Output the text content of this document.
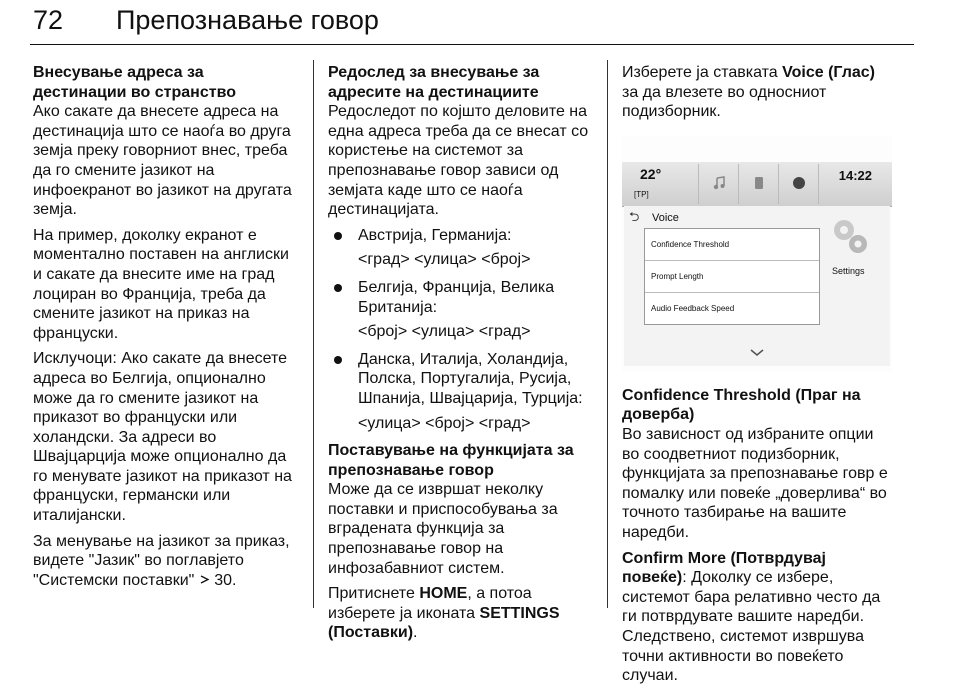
72 Препознавање говор

Внесување адреса за дестинации во странство

Ако сакате да внесете адреса на дестинација што се наоѓа во друга земја преку говорниот внес, треба да го смените јазикот на инфоекранот во јазикот на другата земја.

На пример, доколку екранот е моментално поставен на англиски и сакате да внесите име на град лоциран во Франција, треба да смените јазикот на приказ на француски.

Исклучоци: Ако сакате да внесете адреса во Белгија, опционално може да го смените јазикот на приказот во француски или холандски. За адреси во Швајцарција може опционално да го менувате јазикот на приказот на француски, германски или италијански.

За менување на јазикот за приказ, видете "Јазик" во поглавјето "Системски поставки" 30.

Редослед за внесување за адресите на дестинациите

Редоследот по којшто деловите на една адреса треба да се внесат со користење на системот за препознавање говор зависи од земјата каде што се наоѓа дестинацијата.

Австрија, Германија:
<град> <улица> <број>
Белгија, Франција, Велика Британија:
<број> <улица> <град>
Данска, Италија, Холандија, Полска, Португалија, Русија, Шпанија, Швајцарија, Турција:
<улица> <број> <град>

Поставување на функцијата за препознавање говор

Може да се извршат неколку поставки и приспособувања за вградената функција за препознавање говор на инфозабавниот систем.

Притиснете HOME, а потоа изберете ја иконата SETTINGS (Поставки).

Изберете ја ставката Voice (Глас) за да влезете во односниот подизборник.

22°
[TP]
14:22
⮌	Voice
Confidence Threshold
Prompt Length
Audio Feedback Speed
Settings

Confidence Threshold (Праг на доверба)

Во зависност од избраните опции во соодветниот подизборник, функцијата за препознавање говр е помалку или повеќе „доверлива“ во точното тазбирање на вашите наредби.

Confirm More (Потврдувај повеќе): Доколку се избере, системот бара релативно често да ги потврдувате вашите наредби. Следствено, системот извршува точни активности во повеќето случаи.
